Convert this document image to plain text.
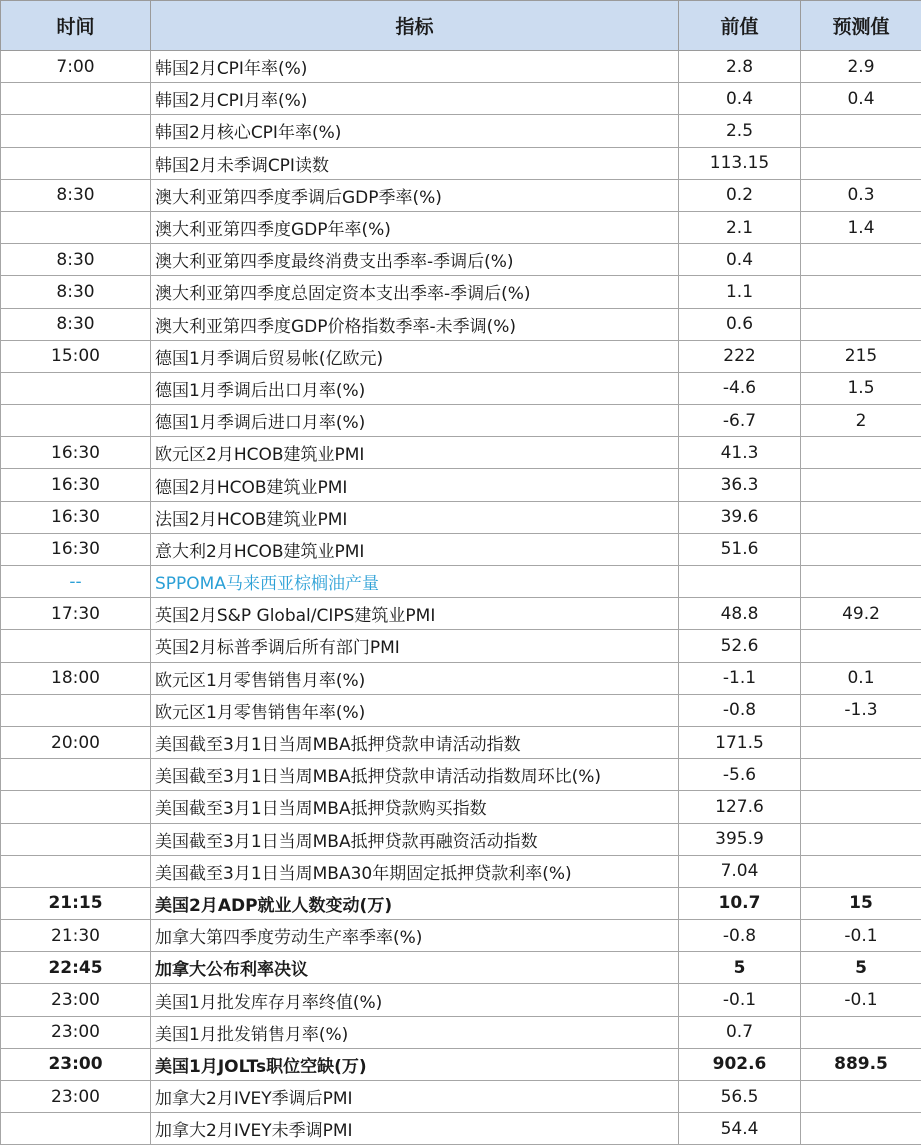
时间	指标	前值	预测值
7:00	韩国2月CPI年率(%)	2.8	2.9
	韩国2月CPI月率(%)	0.4	0.4
	韩国2月核心CPI年率(%)	2.5	
	韩国2月未季调CPI读数	113.15	
8:30	澳大利亚第四季度季调后GDP季率(%)	0.2	0.3
	澳大利亚第四季度GDP年率(%)	2.1	1.4
8:30	澳大利亚第四季度最终消费支出季率-季调后(%)	0.4	
8:30	澳大利亚第四季度总固定资本支出季率-季调后(%)	1.1	
8:30	澳大利亚第四季度GDP价格指数季率-未季调(%)	0.6	
15:00	德国1月季调后贸易帐(亿欧元)	222	215
	德国1月季调后出口月率(%)	-4.6	1.5
	德国1月季调后进口月率(%)	-6.7	2
16:30	欧元区2月HCOB建筑业PMI	41.3	
16:30	德国2月HCOB建筑业PMI	36.3	
16:30	法国2月HCOB建筑业PMI	39.6	
16:30	意大利2月HCOB建筑业PMI	51.6	
--	SPPOMA马来西亚棕榈油产量		
17:30	英国2月S&P Global/CIPS建筑业PMI	48.8	49.2
	英国2月标普季调后所有部门PMI	52.6	
18:00	欧元区1月零售销售月率(%)	-1.1	0.1
	欧元区1月零售销售年率(%)	-0.8	-1.3
20:00	美国截至3月1日当周MBA抵押贷款申请活动指数	171.5	
	美国截至3月1日当周MBA抵押贷款申请活动指数周环比(%)	-5.6	
	美国截至3月1日当周MBA抵押贷款购买指数	127.6	
	美国截至3月1日当周MBA抵押贷款再融资活动指数	395.9	
	美国截至3月1日当周MBA30年期固定抵押贷款利率(%)	7.04	
21:15	美国2月ADP就业人数变动(万)	10.7	15
21:30	加拿大第四季度劳动生产率季率(%)	-0.8	-0.1
22:45	加拿大公布利率决议	5	5
23:00	美国1月批发库存月率终值(%)	-0.1	-0.1
23:00	美国1月批发销售月率(%)	0.7	
23:00	美国1月JOLTs职位空缺(万)	902.6	889.5
23:00	加拿大2月IVEY季调后PMI	56.5	
	加拿大2月IVEY未季调PMI	54.4	
